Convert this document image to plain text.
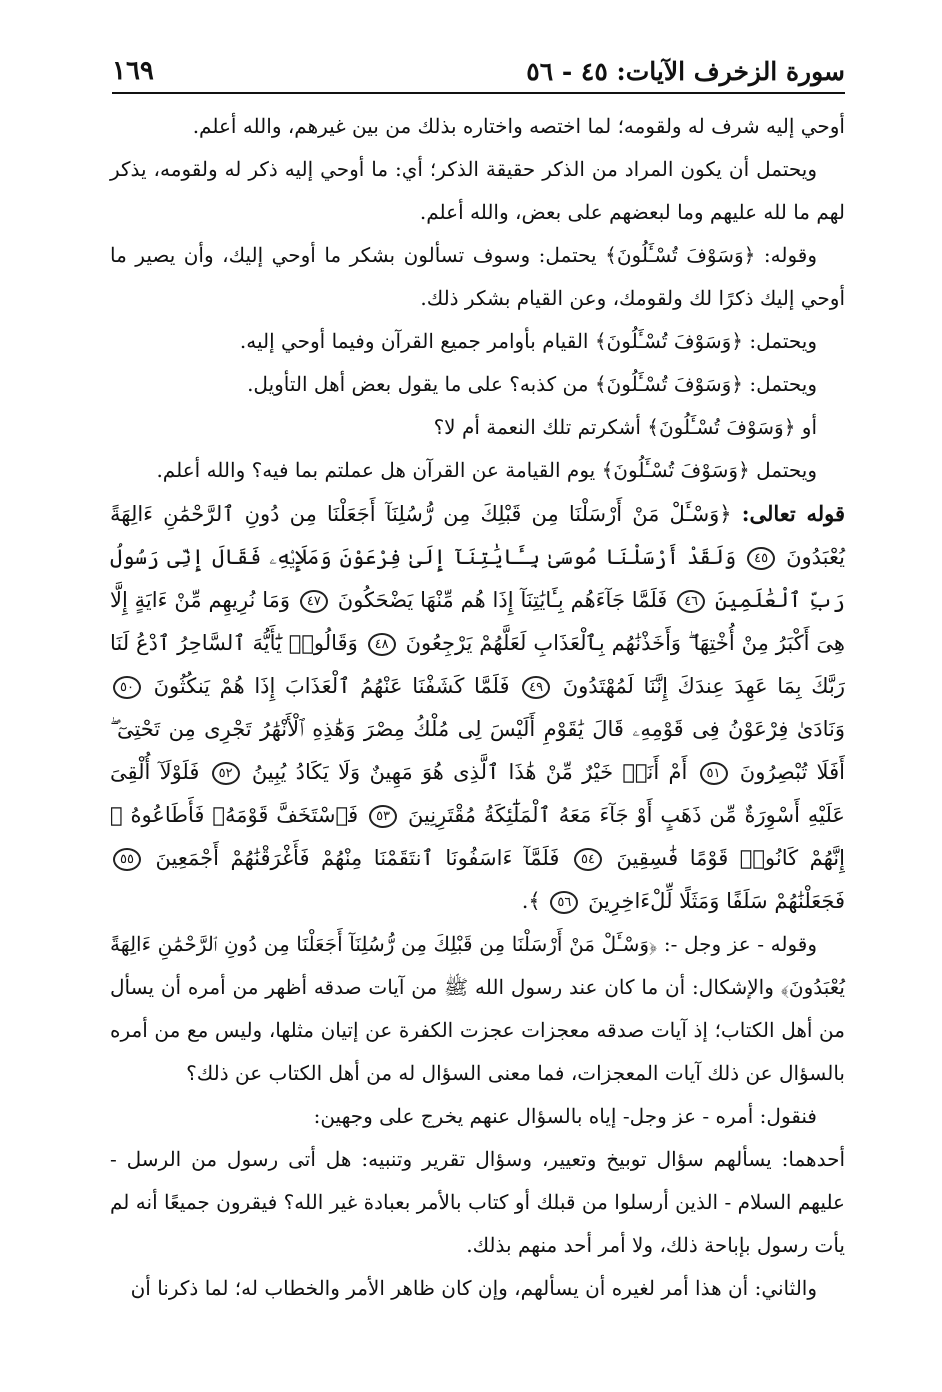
سورة الزخرف الآيات: ٤٥ - ٥٦
١٦٩

أوحي إليه شرف له ولقومه؛ لما اختصه واختاره بذلك من بين غيرهم، والله أعلم.

ويحتمل أن يكون المراد من الذكر حقيقة الذكر؛ أي: ما أوحي إليه ذكر له ولقومه، يذكر لهم ما لله عليهم وما لبعضهم على بعض، والله أعلم.

وقوله: ﴿وَسَوْفَ تُسْـَٔلُونَ﴾ يحتمل: وسوف تسألون بشكر ما أوحي إليك، وأن يصير ما أوحي إليك ذكرًا لك ولقومك، وعن القيام بشكر ذلك.

ويحتمل: ﴿وَسَوْفَ تُسْـَٔلُونَ﴾ القيام بأوامر جميع القرآن وفيما أوحي إليه.

ويحتمل: ﴿وَسَوْفَ تُسْـَٔلُونَ﴾ من كذبه؟ على ما يقول بعض أهل التأويل.

أو ﴿وَسَوْفَ تُسْـَٔلُونَ﴾ أشكرتم تلك النعمة أم لا؟

ويحتمل ﴿وَسَوْفَ تُسْـَٔلُونَ﴾ يوم القيامة عن القرآن هل عملتم بما فيه؟ والله أعلم.

قوله تعالى: ﴿وَسْـَٔلْ مَنْ أَرْسَلْنَا مِن قَبْلِكَ مِن رُّسُلِنَآ أَجَعَلْنَا مِن دُونِ ٱلرَّحْمَٰنِ ءَالِهَةً يُعْبَدُونَ ٤٥ وَلَقَدْ أَرْسَلْنَا مُوسَىٰ بِـَٔايَٰتِنَآ إِلَىٰ فِرْعَوْنَ وَمَلَإِي۟هِۦ فَقَالَ إِنِّى رَسُولُ رَبِّ ٱلْعَٰلَمِينَ ٤٦ فَلَمَّا جَآءَهُم بِـَٔايَٰتِنَآ إِذَا هُم مِّنْهَا يَضْحَكُونَ ٤٧ وَمَا نُرِيهِم مِّنْ ءَايَةٍ إِلَّا هِىَ أَكْبَرُ مِنْ أُخْتِهَا ۖ وَأَخَذْنَٰهُم بِٱلْعَذَابِ لَعَلَّهُمْ يَرْجِعُونَ ٤٨ وَقَالُوا۟ يَٰٓأَيُّهَ ٱلسَّاحِرُ ٱدْعُ لَنَا رَبَّكَ بِمَا عَهِدَ عِندَكَ إِنَّنَا لَمُهْتَدُونَ ٤٩ فَلَمَّا كَشَفْنَا عَنْهُمُ ٱلْعَذَابَ إِذَا هُمْ يَنكُثُونَ ٥٠ وَنَادَىٰ فِرْعَوْنُ فِى قَوْمِهِۦ قَالَ يَٰقَوْمِ أَلَيْسَ لِى مُلْكُ مِصْرَ وَهَٰذِهِ ٱلْأَنْهَٰرُ تَجْرِى مِن تَحْتِىٓ ۖ أَفَلَا تُبْصِرُونَ ٥١ أَمْ أَنَا۠ خَيْرٌ مِّنْ هَٰذَا ٱلَّذِى هُوَ مَهِينٌ وَلَا يَكَادُ يُبِينُ ٥٢ فَلَوْلَآ أُلْقِىَ عَلَيْهِ أَسْوِرَةٌ مِّن ذَهَبٍ أَوْ جَآءَ مَعَهُ ٱلْمَلَٰٓئِكَةُ مُقْتَرِنِينَ ٥٣ فَٱسْتَخَفَّ قَوْمَهُۥ فَأَطَاعُوهُ ۚ إِنَّهُمْ كَانُوا۟ قَوْمًا فَٰسِقِينَ ٥٤ فَلَمَّآ ءَاسَفُونَا ٱنتَقَمْنَا مِنْهُمْ فَأَغْرَقْنَٰهُمْ أَجْمَعِينَ ٥٥ فَجَعَلْنَٰهُمْ سَلَفًا وَمَثَلًا لِّلْءَاخِرِينَ ٥٦ ﴾.

وقوله - عز وجل -: ﴿وَسْـَٔلْ مَنْ أَرْسَلْنَا مِن قَبْلِكَ مِن رُّسُلِنَآ أَجَعَلْنَا مِن دُونِ ٱلرَّحْمَٰنِ ءَالِهَةً يُعْبَدُونَ﴾ والإشكال: أن ما كان عند رسول الله ﷺ من آيات صدقه أظهر من أمره أن يسأل من أهل الكتاب؛ إذ آيات صدقه معجزات عجزت الكفرة عن إتيان مثلها، وليس مع من أمره بالسؤال عن ذلك آيات المعجزات، فما معنى السؤال له من أهل الكتاب عن ذلك؟

فنقول: أمره - عز وجل- إياه بالسؤال عنهم يخرج على وجهين:

أحدهما: يسألهم سؤال توبيخ وتعيير، وسؤال تقرير وتنبيه: هل أتى رسول من الرسل - عليهم السلام - الذين أرسلوا من قبلك أو كتاب بالأمر بعبادة غير الله؟ فيقرون جميعًا أنه لم يأت رسول بإباحة ذلك، ولا أمر أحد منهم بذلك.

والثاني: أن هذا أمر لغيره أن يسألهم، وإن كان ظاهر الأمر والخطاب له؛ لما ذكرنا أن
